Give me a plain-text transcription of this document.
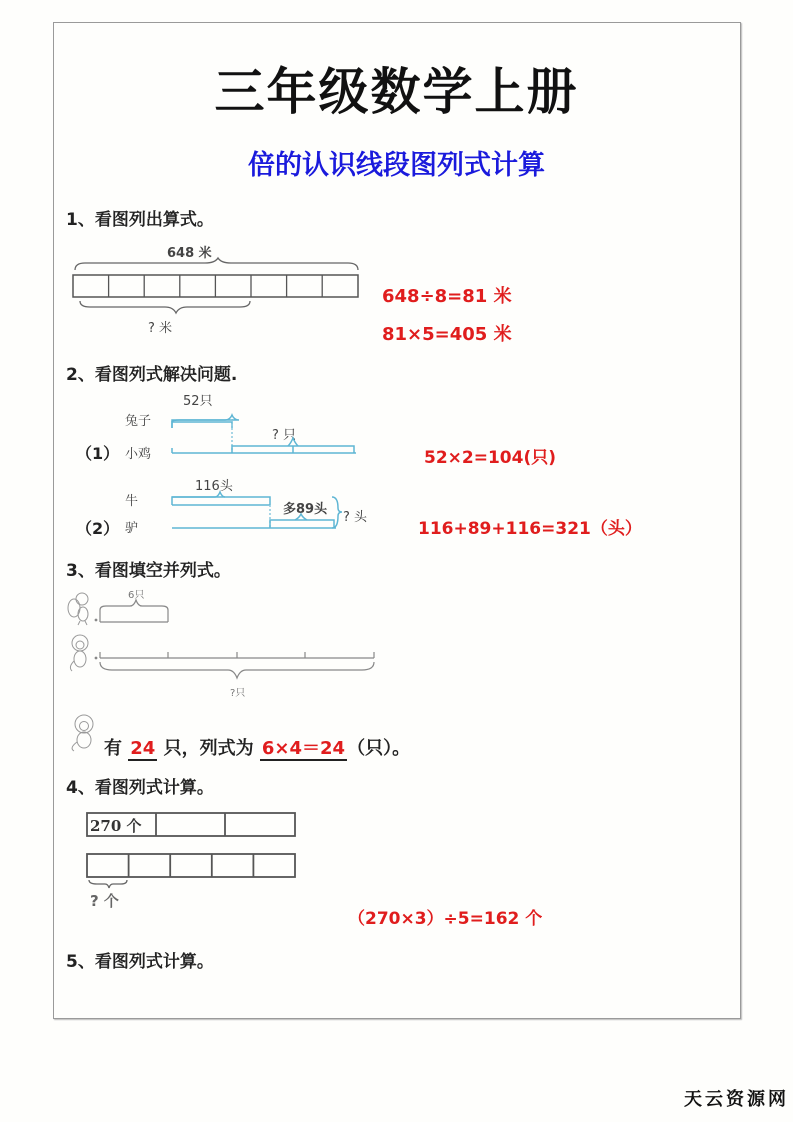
三年级数学上册
倍的认识线段图列式计算
1、看图列出算式。
648 米
? 米
648÷8=81 米
81×5=405 米
2、看图列式解决问题.
52只
兔子
（1） 小鸡
? 只
52×2=104(只)
116头
牛
（2） 驴
多89头
? 头
116+89+116=321（头）
3、看图填空并列式。
6只
?只
有 24 只，列式为 6×4＝24 （只）。
4、看图列式计算。
270 个
? 个
（270×3）÷5=162 个
5、看图列式计算。
天云资源网
